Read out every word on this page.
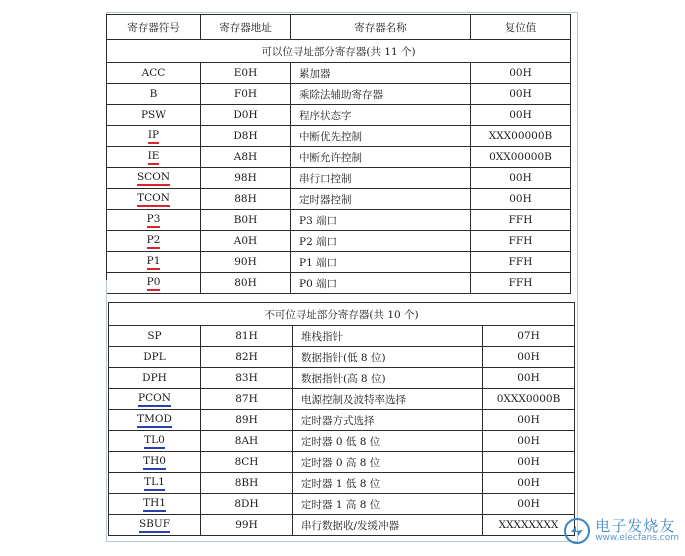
寄存器符号	寄存器地址	寄存器名称	复位值
可以位寻址部分寄存器(共 11 个)			
ACC	E0H	累加器	00H
B	F0H	乘除法辅助寄存器	00H
PSW	D0H	程序状态字	00H
IP	D8H	中断优先控制	XXX00000B
IE	A8H	中断允许控制	0XX00000B
SCON	98H	串行口控制	00H
TCON	88H	定时器控制	00H
P3	B0H	P3 端口	FFH
P2	A0H	P2 端口	FFH
P1	90H	P1 端口	FFH
P0	80H	P0 端口	FFH
不可位寻址部分寄存器(共 10 个)			
SP	81H	堆栈指针	07H
DPL	82H	数据指针(低 8 位)	00H
DPH	83H	数据指针(高 8 位)	00H
PCON	87H	电源控制及波特率选择	0XXX0000B
TMOD	89H	定时器方式选择	00H
TL0	8AH	定时器 0 低 8 位	00H
TH0	8CH	定时器 0 高 8 位	00H
TL1	8BH	定时器 1 低 8 位	00H
TH1	8DH	定时器 1 高 8 位	00H
SBUF	99H	串行数据收/发缓冲器	XXXXXXXX 电子发烧友
www.elecfans.com
